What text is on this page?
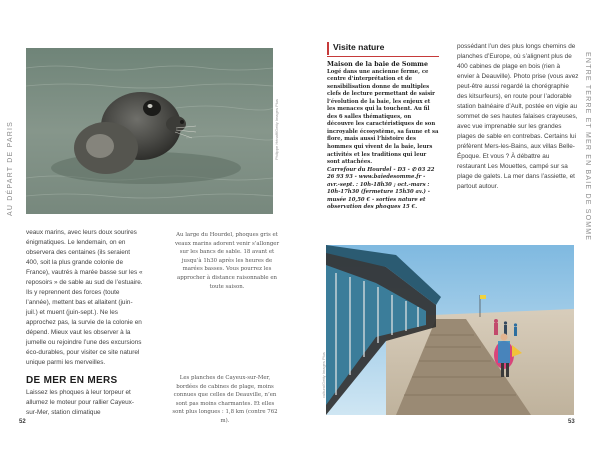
AU DÉPART DE PARIS	ENTRE TERRE ET MER EN BAIE DE SOMME
Philippe Hénaff/Getty Images Plus
veaux marins, avec leurs doux sourires énigmatiques. Le lendemain, on en observera des centaines (ils seraient 400, soit la plus grande colonie de France), vautrés à marée basse sur les « reposoirs » de sable au sud de l’estuaire. Ils y reprennent des forces (toute l’année), mettent bas et allaitent (juin-juil.) et muent (juin-sept.). Ne les approchez pas, la survie de la colonie en dépend. Mieux vaut les observer à la jumelle ou rejoindre l’une des excursions éco-durables, pour visiter ce site naturel unique parmi les merveilles.
DE MER EN MERS
Laissez les phoques à leur torpeur et allumez le moteur pour rallier Cayeux-sur-Mer, station climatique
Au large du Hourdel, phoques gris et veaux marins adorent venir s’allonger sur les bancs de sable. 18 avant et jusqu’à 1h30 après les heures de marées basses. Vous pourrez les approcher à distance raisonnable en toute saison.
Les planches de Cayeux-sur-Mer, bordées de cabines de plage, moins connues que celles de Deauville, n’en sont pas moins charmantes. Et elles sont plus longues : 1,8 km (contre 762 m).
Visite nature
Maison de la baie de Somme
Logé dans une ancienne ferme, ce centre d’interprétation et de sensibilisation donne de multiples clefs de lecture permettant de saisir l’évolution de la baie, les enjeux et les menaces qui la touchent. Au fil des 6 salles thématiques, on découvre les caractéristiques de son incroyable écosystème, sa faune et sa flore, mais aussi l’histoire des hommes qui vivent de la baie, leurs activités et les traditions qui leur sont attachées.
Carrefour du Hourdel - D3 - ✆ 03 22 26 93 93 - www.baiedesomme.fr - avr.-sept. : 10h-18h30 ; oct.-mars : 10h-17h30 (fermeture 15h30 av.) - musée 10,50 € - sorties nature et observation des phoques 15 €.
possédant l’un des plus longs chemins de planches d’Europe, où s’alignent plus de 400 cabines de plage en bois (rien à envier à Deauville). Photo prise (vous avez peut-être aussi regardé la chorégraphie des kitsurfeurs), en route pour l’adorable station balnéaire d’Ault, postée en vigie au sommet de ses hautes falaises crayeuses, avec vue imprenable sur les grandes plages de sable en contrebas. Certains lui préfèrent Mers-les-Bains, aux villas Belle-Époque. Et vous ? À débattre au restaurant Les Mouettes, campé sur sa plage de galets. La mer dans l’assiette, et partout autour.
cultura/Getty Images Plus
52	53
